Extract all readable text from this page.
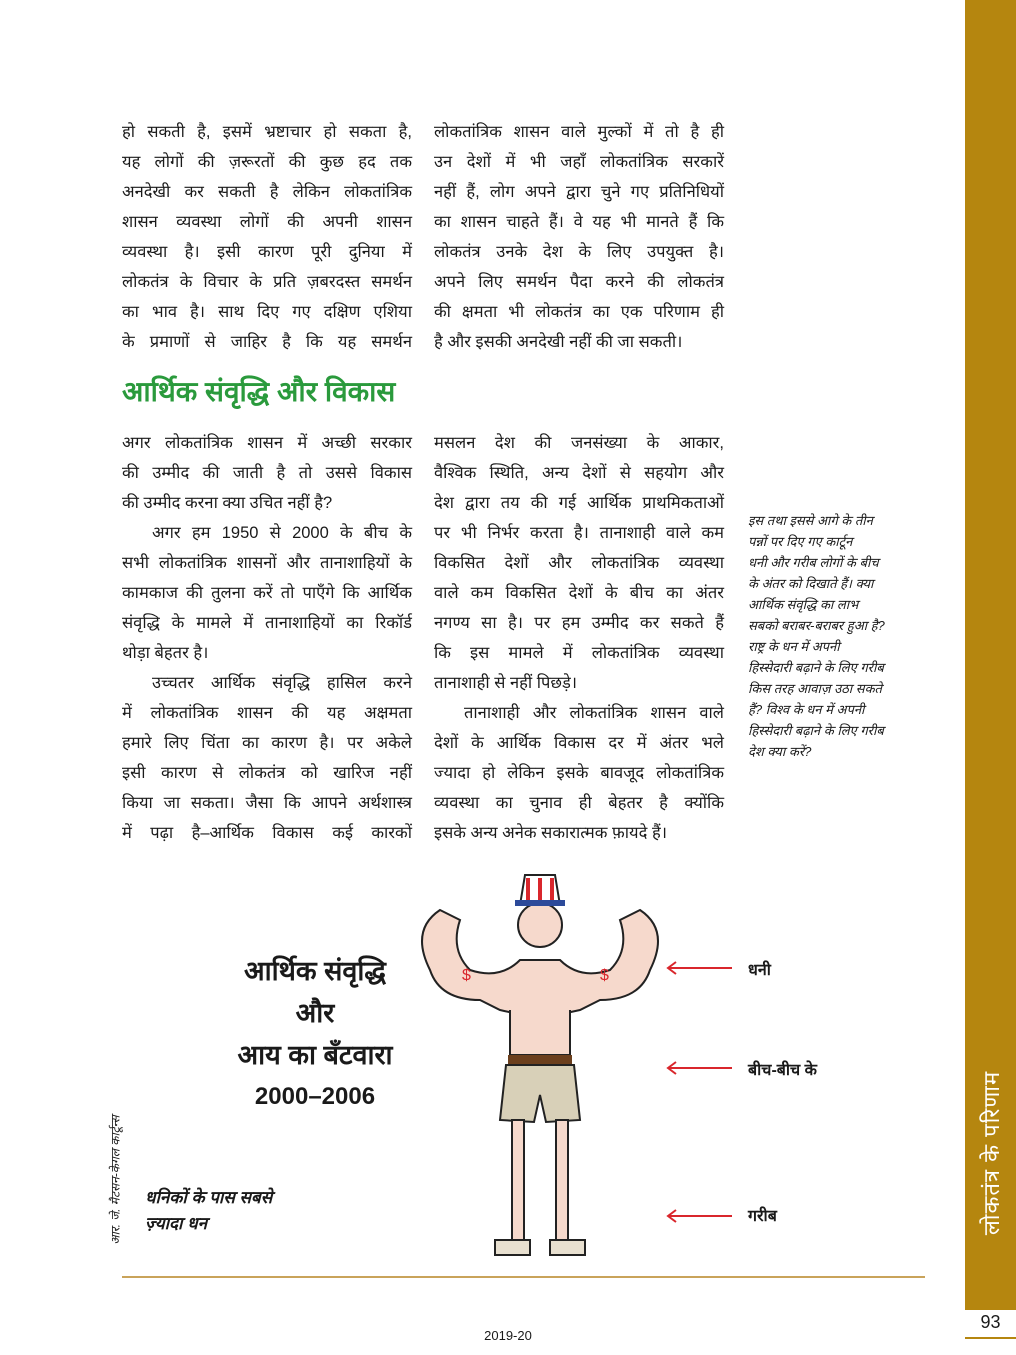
हो सकती है, इसमें भ्रष्टाचार हो सकता है,
यह लोगों की ज़रूरतों की कुछ हद तक
अनदेखी कर सकती है लेकिन लोकतांत्रिक
शासन व्यवस्था लोगों की अपनी शासन
व्यवस्था है। इसी कारण पूरी दुनिया में
लोकतंत्र के विचार के प्रति ज़बरदस्त समर्थन
का भाव है। साथ दिए गए दक्षिण एशिया
के प्रमाणों से जाहिर है कि यह समर्थन
लोकतांत्रिक शासन वाले मुल्कों में तो है ही
उन देशों में भी जहाँ लोकतांत्रिक सरकारें
नहीं हैं, लोग अपने द्वारा चुने गए प्रतिनिधियों
का शासन चाहते हैं। वे यह भी मानते हैं कि
लोकतंत्र उनके देश के लिए उपयुक्त है।
अपने लिए समर्थन पैदा करने की लोकतंत्र
की क्षमता भी लोकतंत्र का एक परिणाम ही
है और इसकी अनदेखी नहीं की जा सकती।
आर्थिक संवृद्धि और विकास
अगर लोकतांत्रिक शासन में अच्छी सरकार
की उम्मीद की जाती है तो उससे विकास
की उम्मीद करना क्या उचित नहीं है?
अगर हम 1950 से 2000 के बीच के
सभी लोकतांत्रिक शासनों और तानाशाहियों के
कामकाज की तुलना करें तो पाएँगे कि आर्थिक
संवृद्धि के मामले में तानाशाहियों का रिकॉर्ड
थोड़ा बेहतर है।
उच्चतर आर्थिक संवृद्धि हासिल करने
में लोकतांत्रिक शासन की यह अक्षमता
हमारे लिए चिंता का कारण है। पर अकेले
इसी कारण से लोकतंत्र को खारिज नहीं
किया जा सकता। जैसा कि आपने अर्थशास्त्र
में पढ़ा है–आर्थिक विकास कई कारकों
मसलन देश की जनसंख्या के आकार,
वैश्विक स्थिति, अन्य देशों से सहयोग और
देश द्वारा तय की गई आर्थिक प्राथमिकताओं
पर भी निर्भर करता है। तानाशाही वाले कम
विकसित देशों और लोकतांत्रिक व्यवस्था
वाले कम विकसित देशों के बीच का अंतर
नगण्य सा है। पर हम उम्मीद कर सकते हैं
कि इस मामले में लोकतांत्रिक व्यवस्था
तानाशाही से नहीं पिछड़े।
तानाशाही और लोकतांत्रिक शासन वाले
देशों के आर्थिक विकास दर में अंतर भले
ज्यादा हो लेकिन इसके बावजूद लोकतांत्रिक
व्यवस्था का चुनाव ही बेहतर है क्योंकि
इसके अन्य अनेक सकारात्मक फ़ायदे हैं।
इस तथा इससे आगे के तीन
पन्नों पर दिए गए कार्टून
धनी और गरीब लोगों के बीच
के अंतर को दिखाते हैं। क्या
आर्थिक संवृद्धि का लाभ
सबको बराबर-बराबर हुआ है?
राष्ट्र के धन में अपनी
हिस्सेदारी बढ़ाने के लिए गरीब
किस तरह आवाज़ उठा सकते
हैं? विश्व के धन में अपनी
हिस्सेदारी बढ़ाने के लिए गरीब
देश क्या करें?
आर्थिक संवृद्धि
और
आय का बँटवारा
2000–2006
धनिकों के पास सबसे
ज़्यादा धन
आर. जे. मैटसन-केगल कार्टून्स
$	$	धनी
बीच-बीच के
गरीब	लोकतंत्र के परिणाम
93
2019-20
